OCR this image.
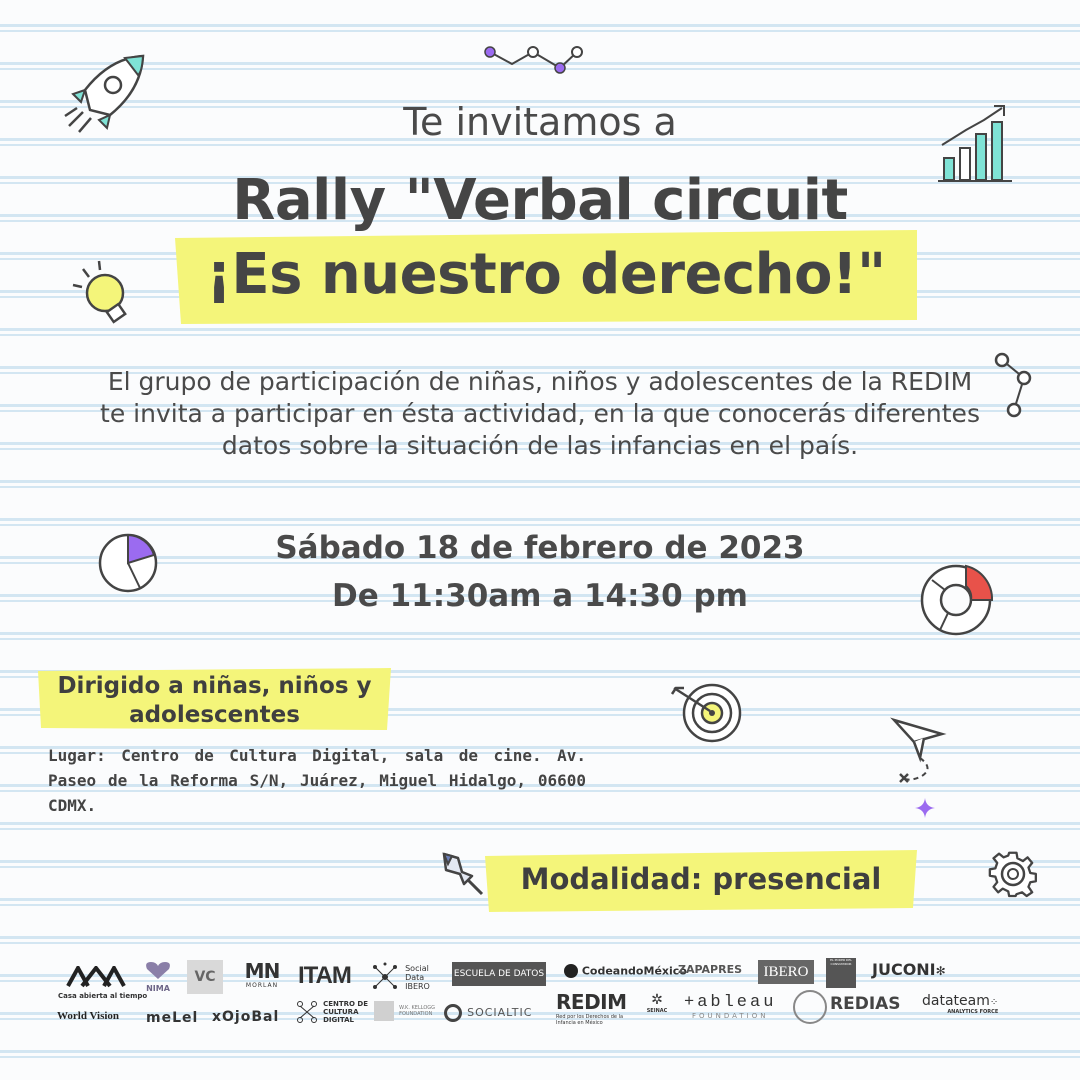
Te invitamos a
Rally "Verbal circuit
¡Es nuestro derecho!"
El grupo de participación de niñas, niños y adolescentes de la REDIM te invita a participar en ésta actividad, en la que conocerás diferentes datos sobre la situación de las infancias en el país.
Sábado 18 de febrero de 2023
De 11:30am a 14:30 pm
Dirigido a niñas, niños y adolescentes
Lugar: Centro de Cultura Digital, sala de cine. Av. Paseo de la Reforma S/N, Juárez, Miguel Hidalgo, 06600 CDMX.
Modalidad: presencial
Casa abierta al tiempo
NIMA
VC	MN
MORLAN ITAM	Social Data IBERO
ESCUELA DE DATOS	CodeandoMéxico
ZAPAPRES	IBERO
EL PODER DEL CONSUMIDOR JUCONI✻
World Vision meLel xOjoBal
CENTRO DE CULTURA DIGITAL
W.K. KELLOGG FOUNDATION	SOCIALTIC REDIM
Red por los Derechos de la Infancia en México
✲
SEINAC +ableau
FOUNDATION
REDIAS datateam⁘
ANALYTICS FORCE
